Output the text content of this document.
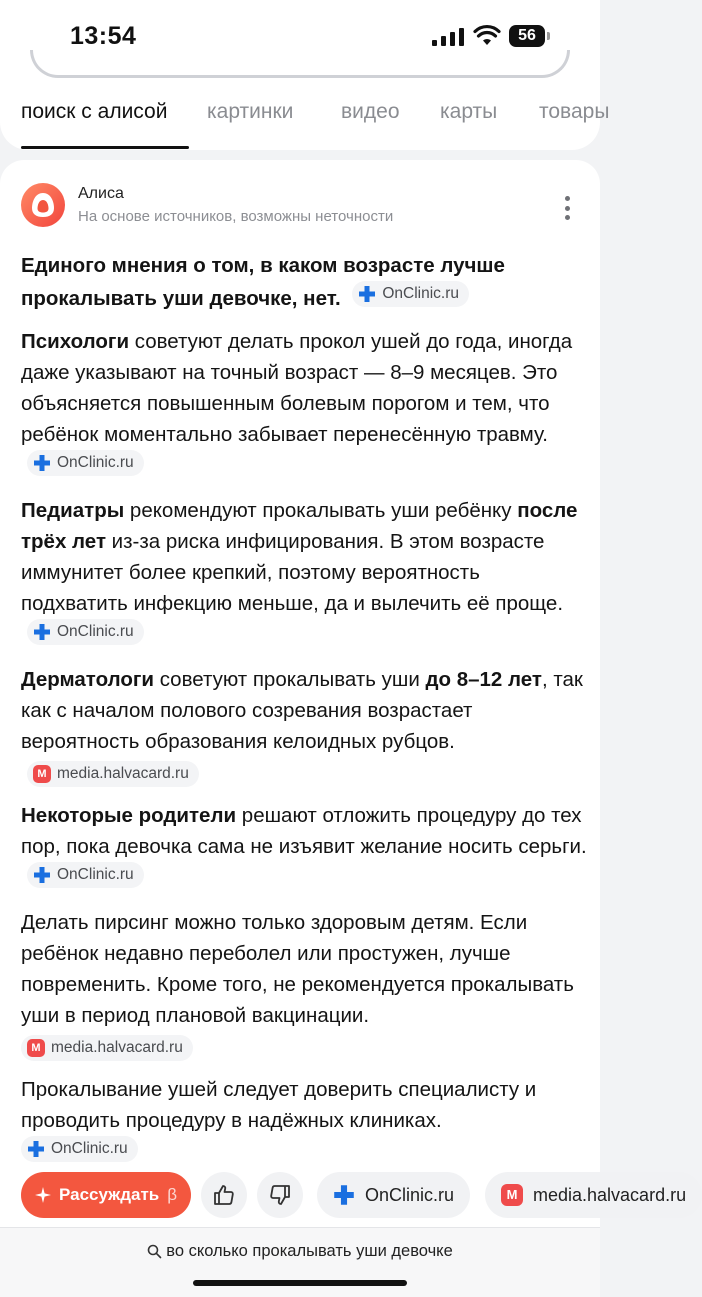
13:54	56
поиск с алисой картинки видео карты товары
Алиса
На основе источников, возможны неточности

Единого мнения о том, в каком возрасте лучше прокалывать уши девочке, нет.	OnClinic.ru

Психологи советуют делать прокол ушей до года, иногда даже указывают на точный возраст — 8–9 месяцев. Это объясняется повышенным болевым порогом и тем, что ребёнок моментально забывает перенесённую травму.
OnClinic.ru

Педиатры рекомендуют прокалывать уши ребёнку после трёх лет из-за риска инфицирования. В этом возрасте иммунитет более крепкий, поэтому вероятность подхватить инфекцию меньше, да и вылечить её проще.
OnClinic.ru

Дерматологи советуют прокалывать уши до 8–12 лет, так как с началом полового созревания возрастает вероятность образования келоидных рубцов.
M media.halvacard.ru

Некоторые родители решают отложить процедуру до тех пор, пока девочка сама не изъявит желание носить серьги.
OnClinic.ru

Делать пирсинг можно только здоровым детям. Если ребёнок недавно переболел или простужен, лучше повременить. Кроме того, не рекомендуется прокалывать уши в период плановой вакцинации.

M media.halvacard.ru

Прокалывание ушей следует доверить специалисту и проводить процедуру в надёжных клиниках.

OnClinic.ru

Рассуждать β	OnClinic.ru	M media.halvacard.ru
во сколько прокалывать уши девочке
